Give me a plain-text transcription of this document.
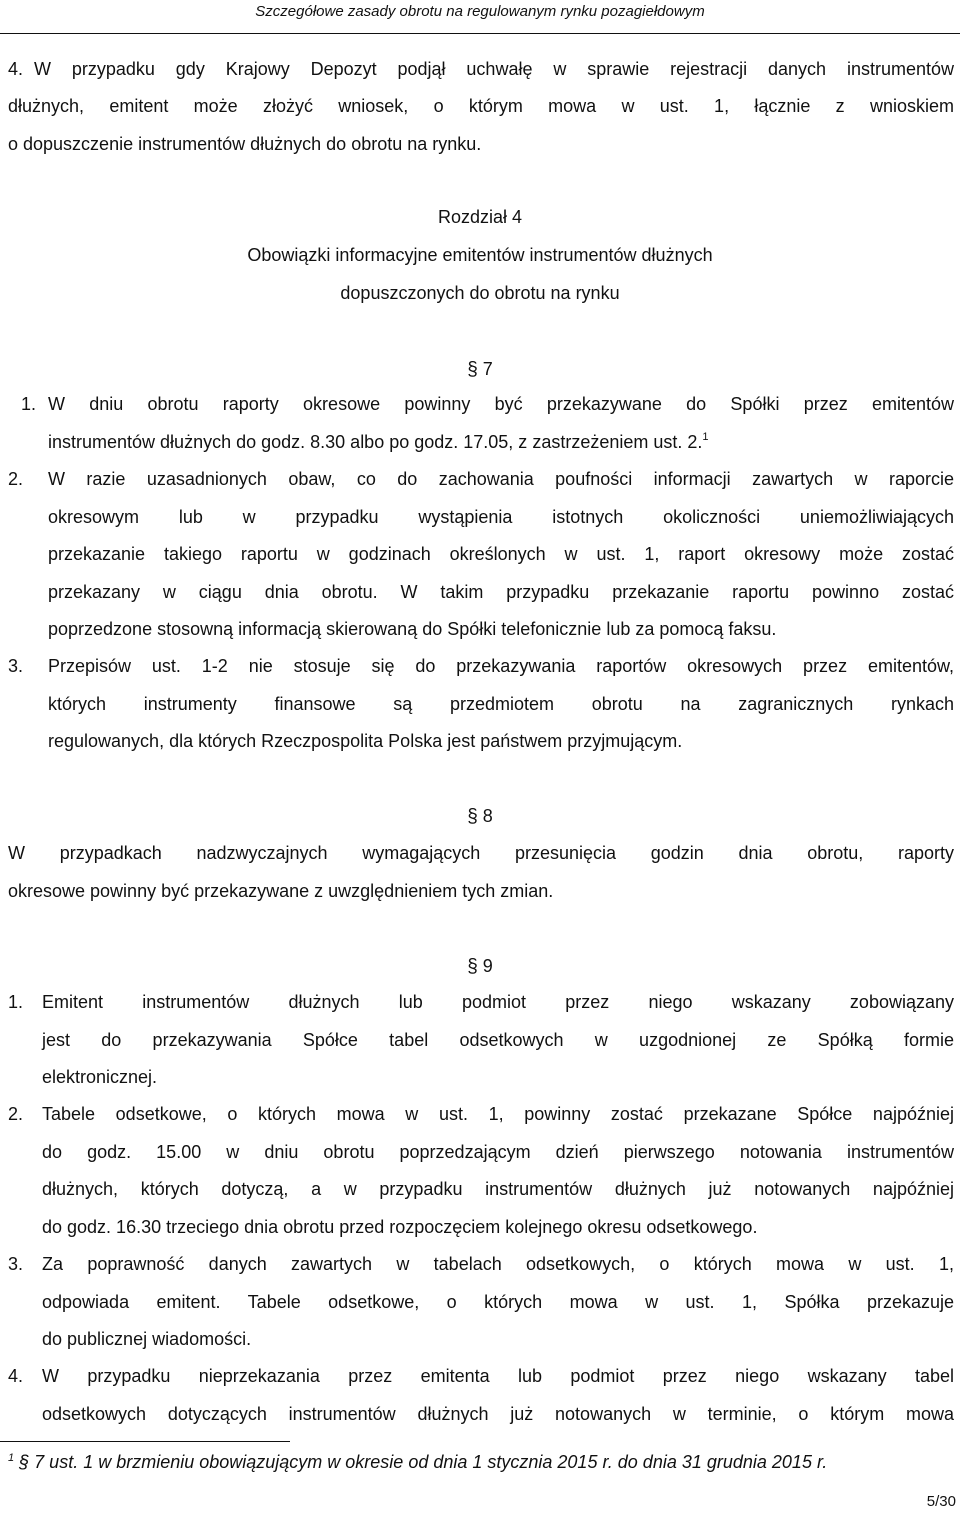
Szczegółowe zasady obrotu na regulowanym rynku pozagiełdowym
4. W przypadku gdy Krajowy Depozyt podjął uchwałę w sprawie rejestracji danych instrumentów
dłużnych, emitent może złożyć wniosek, o którym mowa w ust. 1, łącznie z wnioskiem
o dopuszczenie instrumentów dłużnych do obrotu na rynku.
Rozdział 4
Obowiązki informacyjne emitentów instrumentów dłużnych
dopuszczonych do obrotu na rynku
§ 7
1. W dniu obrotu raporty okresowe powinny być przekazywane do Spółki przez emitentów
instrumentów dłużnych do godz. 8.30 albo po godz. 17.05, z zastrzeżeniem ust. 2.$^1$
2. W razie uzasadnionych obaw, co do zachowania poufności informacji zawartych w raporcie
okresowym lub w przypadku wystąpienia istotnych okoliczności uniemożliwiających
przekazanie takiego raportu w godzinach określonych w ust. 1, raport okresowy może zostać
przekazany w ciągu dnia obrotu. W takim przypadku przekazanie raportu powinno zostać
poprzedzone stosowną informacją skierowaną do Spółki telefonicznie lub za pomocą faksu.
3. Przepisów ust. 1-2 nie stosuje się do przekazywania raportów okresowych przez emitentów,
których instrumenty finansowe są przedmiotem obrotu na zagranicznych rynkach
regulowanych, dla których Rzeczpospolita Polska jest państwem przyjmującym.
§ 8
W przypadkach nadzwyczajnych wymagających przesunięcia godzin dnia obrotu, raporty
okresowe powinny być przekazywane z uwzględnieniem tych zmian.
§ 9
1. Emitent instrumentów dłużnych lub podmiot przez niego wskazany zobowiązany
jest do przekazywania Spółce tabel odsetkowych w uzgodnionej ze Spółką formie
elektronicznej.
2. Tabele odsetkowe, o których mowa w ust. 1, powinny zostać przekazane Spółce najpóźniej
do godz. 15.00 w dniu obrotu poprzedzającym dzień pierwszego notowania instrumentów
dłużnych, których dotyczą, a w przypadku instrumentów dłużnych już notowanych najpóźniej
do godz. 16.30 trzeciego dnia obrotu przed rozpoczęciem kolejnego okresu odsetkowego.
3. Za poprawność danych zawartych w tabelach odsetkowych, o których mowa w ust. 1,
odpowiada emitent. Tabele odsetkowe, o których mowa w ust. 1, Spółka przekazuje
do publicznej wiadomości.
4. W przypadku nieprzekazania przez emitenta lub podmiot przez niego wskazany tabel
odsetkowych dotyczących instrumentów dłużnych już notowanych w terminie, o którym mowa
$^1$ § 7 ust. 1 w brzmieniu obowiązującym w okresie od dnia 1 stycznia 2015 r. do dnia 31 grudnia 2015 r.
5/30
